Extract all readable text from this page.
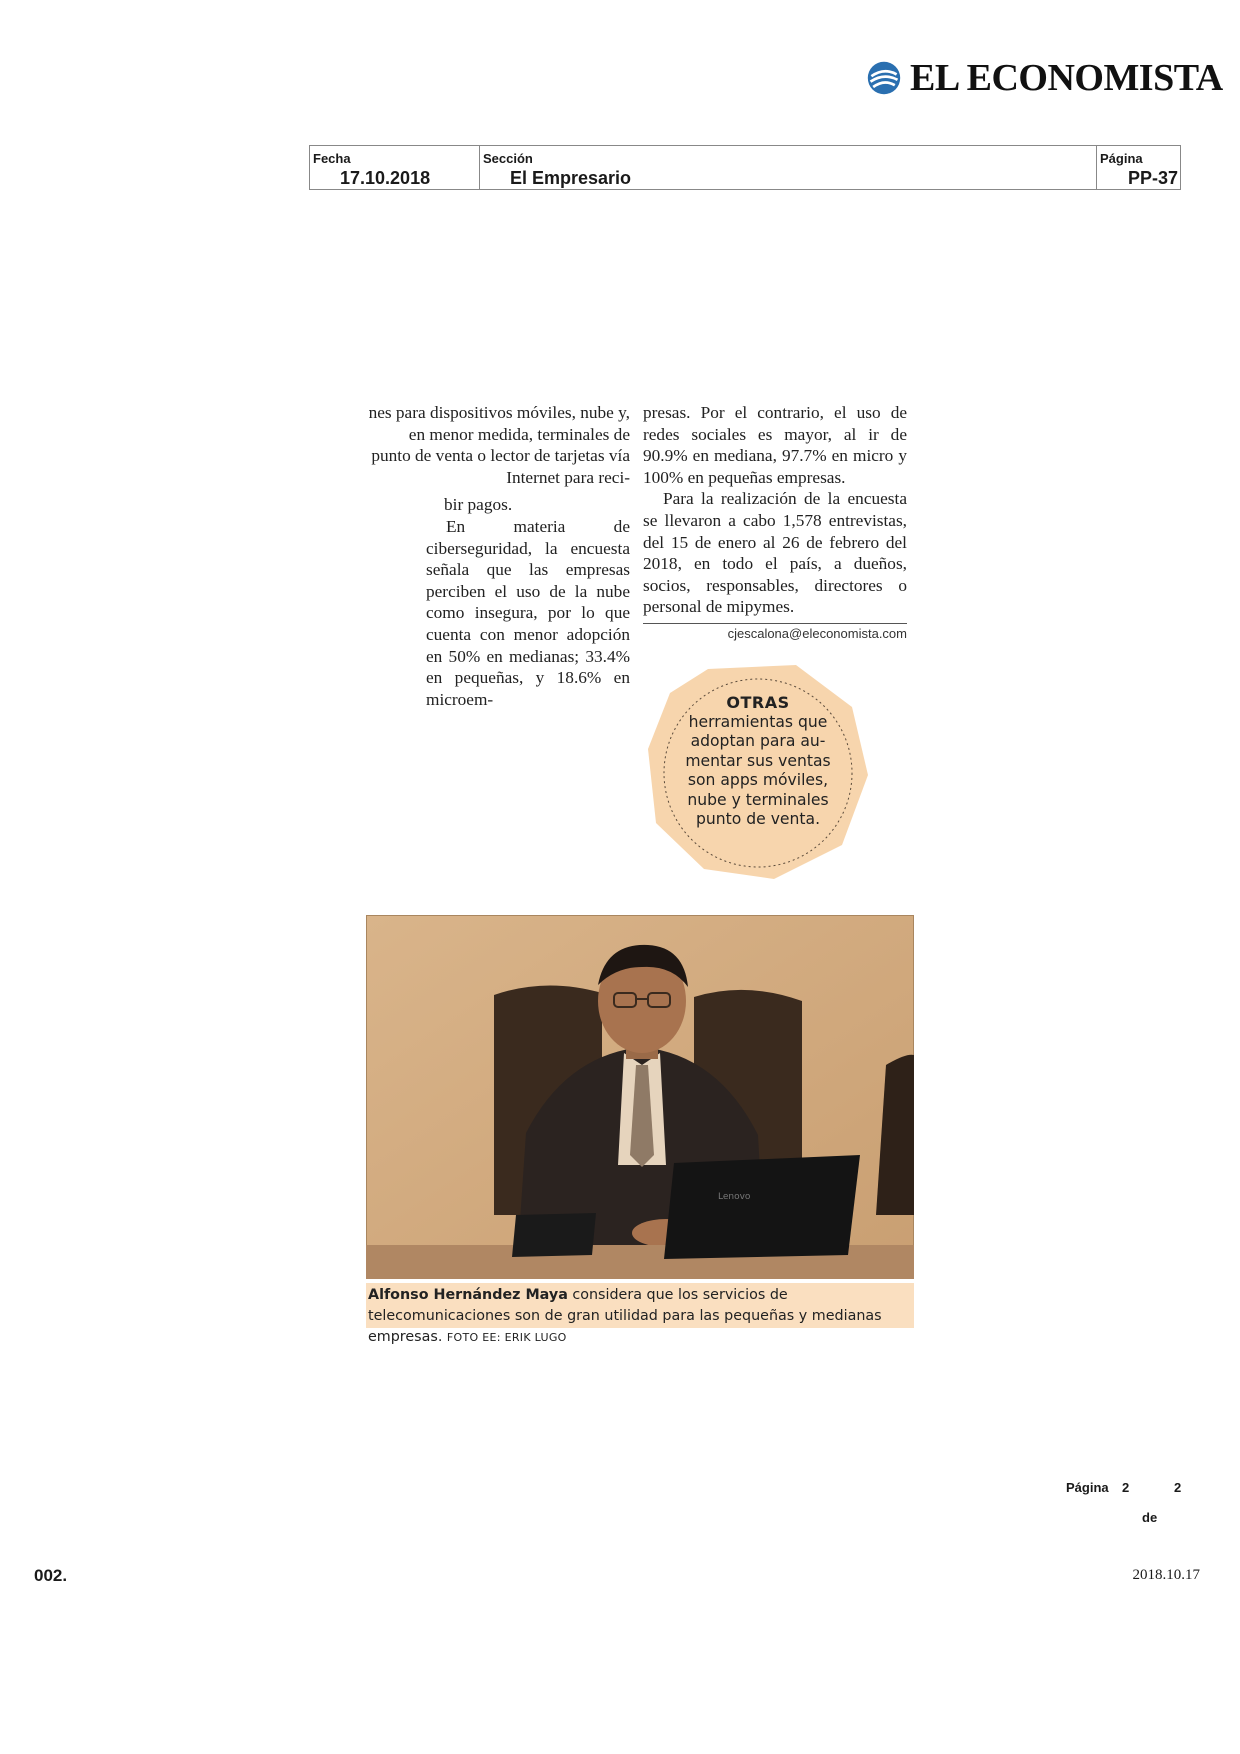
EL ECONOMISTA
Fecha
17.10.2018
Sección
El Empresario
Página
PP-37

nes para dispositivos móviles, nube y, en menor medida, terminales de punto de venta o lector de tarjetas vía Internet para reci-

bir pagos.

En materia de ciberseguridad, la encuesta señala que las empresas perciben el uso de la nube como insegura, por lo que cuenta con menor adopción en 50% en medianas; 33.4% en pequeñas, y 18.6% en microem-

presas. Por el contrario, el uso de redes sociales es mayor, al ir de 90.9% en mediana, 97.7% en micro y 100% en pequeñas empresas.

Para la realización de la encuesta se llevaron a cabo 1,578 entrevistas, del 15 de enero al 26 de febrero del 2018, en todo el país, a dueños, socios, responsables, directores o personal de mipymes.

cjescalona@eleconomista.com
OTRAS
herramientas que
adoptan para au-
mentar sus ventas
son apps móviles,
nube y terminales
punto de venta.
Lenovo
Alfonso Hernández Maya considera que los servicios de telecomunicaciones son de gran utilidad para las pequeñas y medianas empresas. FOTO EE: ERIK LUGO
Página 2	2
de
002.	2018.10.17
